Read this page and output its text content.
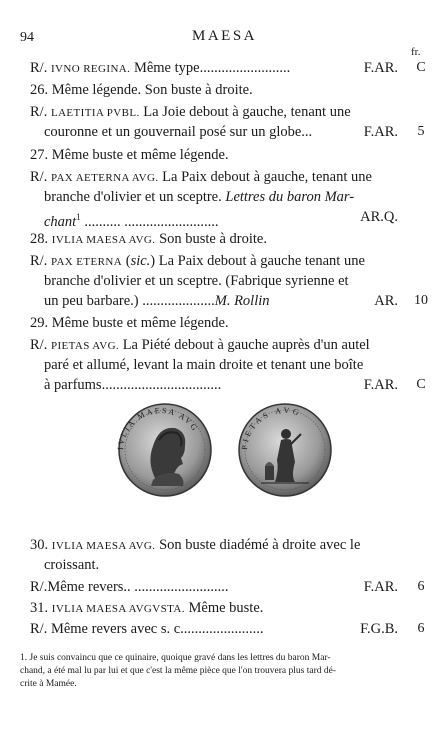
94	MAESA
fr.
R/. IVNO REGINA. Même type.........................	F.AR.	C
26. Même légende. Son buste à droite.
R/. LAETITIA PVBL. La Joie debout à gauche, tenant une
couronne et un gouvernail posé sur un globe...	F.AR.	5
27. Même buste et même légende.
R/. PAX AETERNA AVG. La Paix debout à gauche, tenant une
branche d'olivier et un sceptre. Lettres du baron Mar-
chant$^1$ .......... ..........................	AR.Q.
28. IVLIA MAESA AVG. Son buste à droite.
R/. PAX ETERNA (sic.) La Paix debout à gauche tenant une
branche d'olivier et un sceptre. (Fabrique syrienne et
un peu barbare.) ....................M. Rollin	AR. 10
29. Même buste et même légende.
R/. PIETAS AVG. La Piété debout à gauche auprès d'un autel
paré et allumé, levant la main droite et tenant une boîte
à parfums.................................	F.AR.	C
30. IVLIA MAESA AVG. Son buste diadémé à droite avec le
croissant.
R/.Même revers.. ..........................	F.AR.	6
31. IVLIA MAESA AVGVSTA. Même buste.
R/. Même revers avec s. c.......................	F.G.B.	6
IVLIA MAESA AVG
PIETAS AVG
1. Je suis convaincu que ce quinaire, quoique gravé dans les lettres du baron Mar-
chand, a été mal lu par lui et que c'est la même pièce que l'on trouvera plus tard dé-
crite à Mamée.
